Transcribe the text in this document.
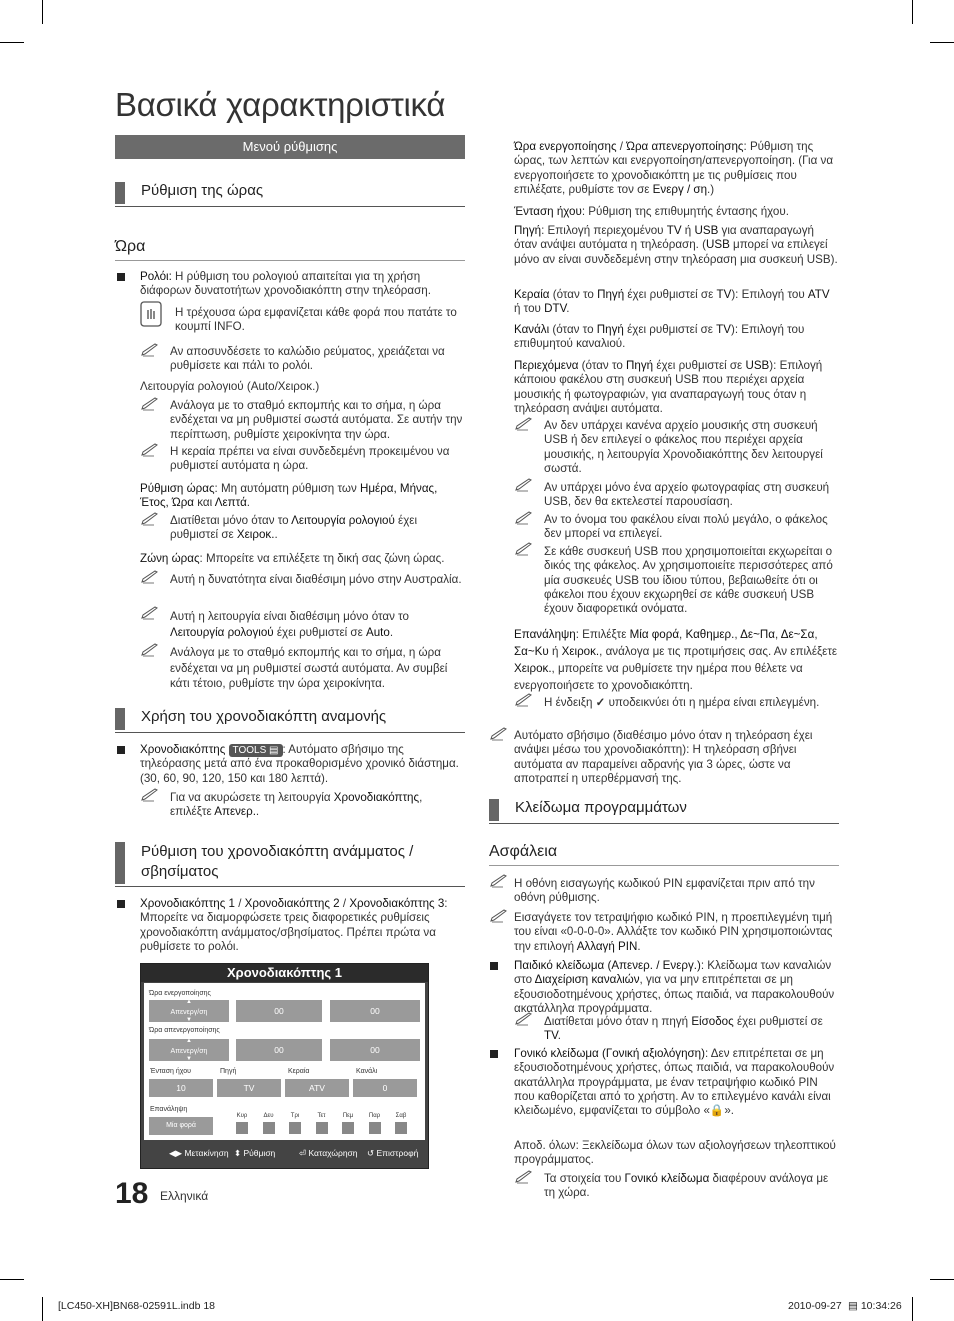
Βασικά χαρακτηριστικά
Μενού ρύθμισης
Ρύθμιση της ώρας
Ώρα
Ρολόι: Η ρύθμιση του ρολογιού απαιτείται για τη χρήση διάφορων δυνατοτήτων χρονοδιακόπτη στην τηλεόραση.
Η τρέχουσα ώρα εμφανίζεται κάθε φορά που πατάτε το κουμπί INFO.
Αν αποσυνδέσετε το καλώδιο ρεύματος, χρειάζεται να ρυθμίσετε και πάλι το ρολόι.
Λειτουργία ρολογιού (Auto/Χειροκ.)
Ανάλογα με το σταθμό εκπομπής και το σήμα, η ώρα ενδέχεται να μη ρυθμιστεί σωστά αυτόματα. Σε αυτήν την περίπτωση, ρυθμίστε χειροκίνητα την ώρα.
Η κεραία πρέπει να είναι συνδεδεμένη προκειμένου να ρυθμιστεί αυτόματα η ώρα.
Ρύθμιση ώρας: Μη αυτόματη ρύθμιση των Ημέρα, Μήνας, Έτος, Ώρα και Λεπτά.
Διατίθεται μόνο όταν το Λειτουργία ρολογιού έχει ρυθμιστεί σε Χειροκ..
Ζώνη ώρας: Μπορείτε να επιλέξετε τη δική σας ζώνη ώρας.
Αυτή η δυνατότητα είναι διαθέσιμη μόνο στην Αυστραλία.
Αυτή η λειτουργία είναι διαθέσιμη μόνο όταν το Λειτουργία ρολογιού έχει ρυθμιστεί σε Auto.
Ανάλογα με το σταθμό εκπομπής και το σήμα, η ώρα ενδέχεται να μη ρυθμιστεί σωστά αυτόματα. Αν συμβεί κάτι τέτοιο, ρυθμίστε την ώρα χειροκίνητα.
Χρήση του χρονοδιακόπτη αναμονής
Χρονοδιακόπτης TOOLS ▤ : Αυτόματο σβήσιμο της τηλεόρασης μετά από ένα προκαθορισμένο χρονικό διάστημα. (30, 60, 90, 120, 150 και 180 λεπτά).
Για να ακυρώσετε τη λειτουργία Χρονοδιακόπτης, επιλέξτε Απενερ..
Ρύθμιση του χρονοδιακόπτη ανάμματος / σβησίματος
Χρονοδιακόπτης 1 / Χρονοδιακόπτης 2 / Χρονοδιακόπτης 3: Μπορείτε να διαμορφώσετε τρεις διαφορετικές ρυθμίσεις χρονοδιακόπτη ανάμματος/σβησίματος. Πρέπει πρώτα να ρυθμίσετε το ρολόι.
Χρονοδιακόπτης 1
Ώρα ενεργοποίησης
▲
Απενεργ/ση
▼
00	00
Ώρα απενεργοποίησης
▲
Απενεργ/ση
▼
00	00
Ένταση ήχου	Πηγή	Κεραία	Κανάλι
10	TV	ATV	0
Επανάληψη
Μία φορά
Κυρ	Δευ	Τρι	Τετ	Πεμ	Παρ	Σαβ
◀▶ Μετακίνηση ⬍ Ρύθμιση	⏎ Καταχώρηση ↺ Επιστροφή
18 Ελληνικά
Ώρα ενεργοποίησης / Ώρα απενεργοποίησης: Ρύθμιση της ώρας, των λεπτών και ενεργοποίηση/απενεργοποίηση. (Για να ενεργοποιήσετε το χρονοδιακόπτη με τις ρυθμίσεις που επιλέξατε, ρυθμίστε τον σε Ενεργ / ση.)
Ένταση ήχου: Ρύθμιση της επιθυμητής έντασης ήχου.
Πηγή: Επιλογή περιεχομένου TV ή USB για αναπαραγωγή όταν ανάψει αυτόματα η τηλεόραση. (USB μπορεί να επιλεγεί μόνο αν είναι συνδεδεμένη στην τηλεόραση μια συσκευή USB).
Κεραία (όταν το Πηγή έχει ρυθμιστεί σε TV): Επιλογή του ATV ή του DTV.
Κανάλι (όταν το Πηγή έχει ρυθμιστεί σε TV): Επιλογή του επιθυμητού καναλιού.
Περιεχόμενα (όταν το Πηγή έχει ρυθμιστεί σε USB): Επιλογή κάποιου φακέλου στη συσκευή USB που περιέχει αρχεία μουσικής ή φωτογραφιών, για αναπαραγωγή τους όταν η τηλεόραση ανάψει αυτόματα.
Αν δεν υπάρχει κανένα αρχείο μουσικής στη συσκευή USB ή δεν επιλεγεί ο φάκελος που περιέχει αρχεία μουσικής, η λειτουργία Χρονοδιακόπτης δεν λειτουργεί σωστά.
Αν υπάρχει μόνο ένα αρχείο φωτογραφίας στη συσκευή USB, δεν θα εκτελεστεί παρουσίαση.
Αν το όνομα του φακέλου είναι πολύ μεγάλο, ο φάκελος δεν μπορεί να επιλεγεί.
Σε κάθε συσκευή USB που χρησιμοποιείται εκχωρείται ο δικός της φάκελος. Αν χρησιμοποιείτε περισσότερες από μία συσκευές USB του ίδιου τύπου, βεβαιωθείτε ότι οι φάκελοι που έχουν εκχωρηθεί σε κάθε συσκευή USB έχουν διαφορετικά ονόματα.
Επανάληψη: Επιλέξτε Μία φορά, Καθημερ., Δε~Πα, Δε~Σα, Σα~Κυ ή Χειροκ., ανάλογα με τις προτιμήσεις σας. Αν επιλέξετε Χειροκ., μπορείτε να ρυθμίσετε την ημέρα που θέλετε να ενεργοποιήσετε το χρονοδιακόπτη.
Η ένδειξη ✓ υποδεικνύει ότι η ημέρα είναι επιλεγμένη.
Αυτόματο σβήσιμο (διαθέσιμο μόνο όταν η τηλεόραση έχει ανάψει μέσω του χρονοδιακόπτη): Η τηλεόραση σβήνει αυτόματα αν παραμείνει αδρανής για 3 ώρες, ώστε να αποτραπεί η υπερθέρμανσή της.
Κλείδωμα προγραμμάτων
Ασφάλεια
Η οθόνη εισαγωγής κωδικού PIN εμφανίζεται πριν από την οθόνη ρύθμισης.
Εισαγάγετε τον τετραψήφιο κωδικό PIN, η προεπιλεγμένη τιμή του είναι «0-0-0-0». Αλλάξτε τον κωδικό PIN χρησιμοποιώντας την επιλογή Αλλαγή PIN.
Παιδικό κλείδωμα (Απενερ. / Ενεργ.): Κλείδωμα των καναλιών στο Διαχείριση καναλιών, για να μην επιτρέπεται σε μη εξουσιοδοτημένους χρήστες, όπως παιδιά, να παρακολουθούν ακατάλληλα προγράμματα.
Διατίθεται μόνο όταν η πηγή Είσοδος έχει ρυθμιστεί σε TV.
Γονικό κλείδωμα (Γονική αξιολόγηση): Δεν επιτρέπεται σε μη εξουσιοδοτημένους χρήστες, όπως παιδιά, να παρακολουθούν ακατάλληλα προγράμματα, με έναν τετραψήφιο κωδικό PIN που καθορίζεται από το χρήστη. Αν το επιλεγμένο κανάλι είναι κλειδωμένο, εμφανίζεται το σύμβολο «🔒».
Αποδ. όλων: Ξεκλείδωμα όλων των αξιολογήσεων τηλεοπτικού προγράμματος.
Τα στοιχεία του Γονικό κλείδωμα διαφέρουν ανάλογα με τη χώρα.
[LC450-XH]BN68-02591L.indb 18	2010-09-27 ▤ 10:34:26
